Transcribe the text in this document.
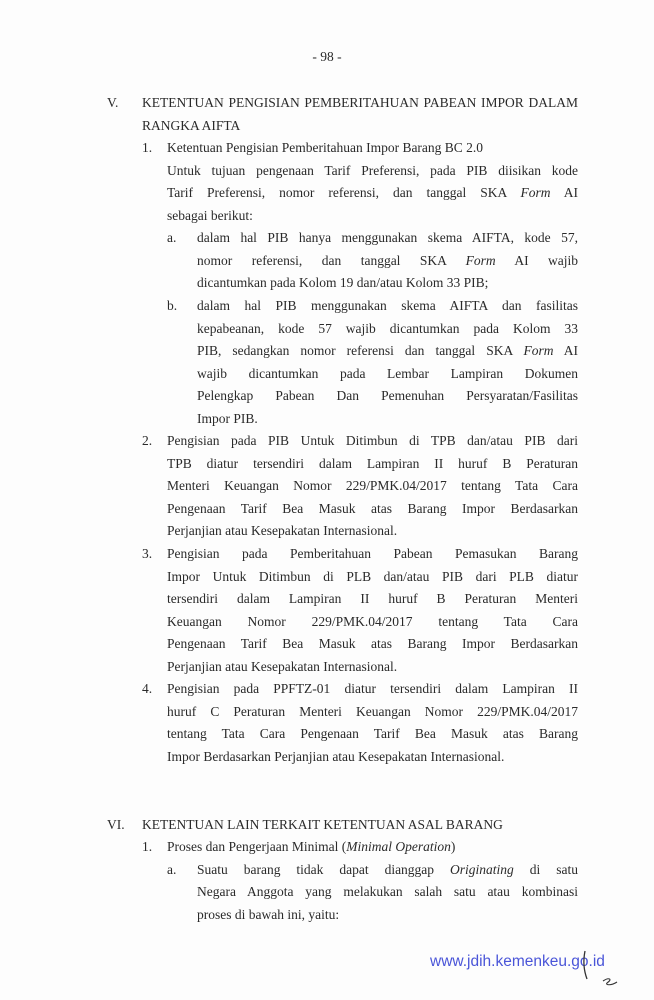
- 98 -
V.
1.
a.
b.
2.
3.
4.
VI.
1.
a.
KETENTUAN PENGISIAN PEMBERITAHUAN PABEAN IMPOR DALAM
RANGKA AIFTA
Ketentuan Pengisian Pemberitahuan Impor Barang BC 2.0
Untuk tujuan pengenaan Tarif Preferensi, pada PIB diisikan kode
Tarif Preferensi, nomor referensi, dan tanggal SKA Form AI
sebagai berikut:
dalam hal PIB hanya menggunakan skema AIFTA, kode 57,
nomor referensi, dan tanggal SKA Form AI wajib
dicantumkan pada Kolom 19 dan/atau Kolom 33 PIB;
dalam hal PIB menggunakan skema AIFTA dan fasilitas
kepabeanan, kode 57 wajib dicantumkan pada Kolom 33
PIB, sedangkan nomor referensi dan tanggal SKA Form AI
wajib dicantumkan pada Lembar Lampiran Dokumen
Pelengkap Pabean Dan Pemenuhan Persyaratan/Fasilitas
Impor PIB.
Pengisian pada PIB Untuk Ditimbun di TPB dan/atau PIB dari
TPB diatur tersendiri dalam Lampiran II huruf B Peraturan
Menteri Keuangan Nomor 229/PMK.04/2017 tentang Tata Cara
Pengenaan Tarif Bea Masuk atas Barang Impor Berdasarkan
Perjanjian atau Kesepakatan Internasional.
Pengisian pada Pemberitahuan Pabean Pemasukan Barang
Impor Untuk Ditimbun di PLB dan/atau PIB dari PLB diatur
tersendiri dalam Lampiran II huruf B Peraturan Menteri
Keuangan Nomor 229/PMK.04/2017 tentang Tata Cara
Pengenaan Tarif Bea Masuk atas Barang Impor Berdasarkan
Perjanjian atau Kesepakatan Internasional.
Pengisian pada PPFTZ-01 diatur tersendiri dalam Lampiran II
huruf C Peraturan Menteri Keuangan Nomor 229/PMK.04/2017
tentang Tata Cara Pengenaan Tarif Bea Masuk atas Barang
Impor Berdasarkan Perjanjian atau Kesepakatan Internasional.
KETENTUAN LAIN TERKAIT KETENTUAN ASAL BARANG
Proses dan Pengerjaan Minimal (Minimal Operation)
Suatu barang tidak dapat dianggap Originating di satu
Negara Anggota yang melakukan salah satu atau kombinasi
proses di bawah ini, yaitu:
www.jdih.kemenkeu.go.id
